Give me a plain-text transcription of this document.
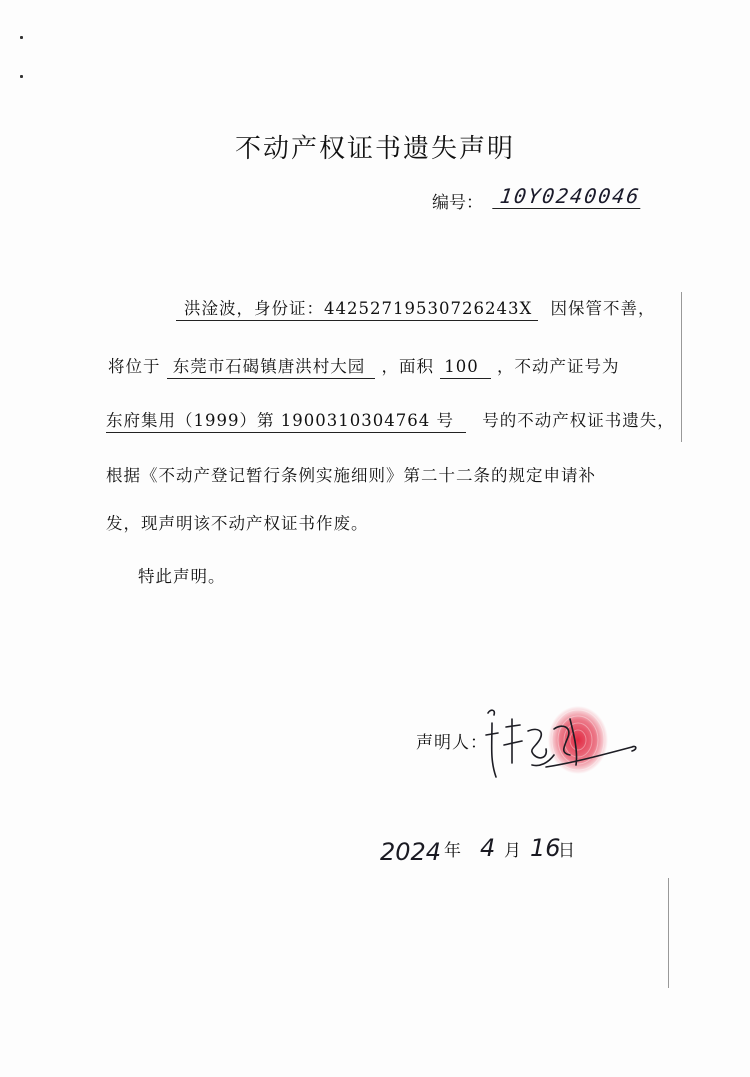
不动产权证书遗失声明
编号： 10Y0240046
洪淦波，身份证：44252719530726243X 因保管不善，
将位于 东莞市石碣镇唐洪村大园 ，面积 100 ，不动产证号为
东府集用（1999）第 1900310304764 号 号的不动产权证书遗失，
根据《不动产登记暂行条例实施细则》第二十二条的规定申请补
发，现声明该不动产权证书作废。
特此声明。
声明人：
2024 年 4 月 16
日
